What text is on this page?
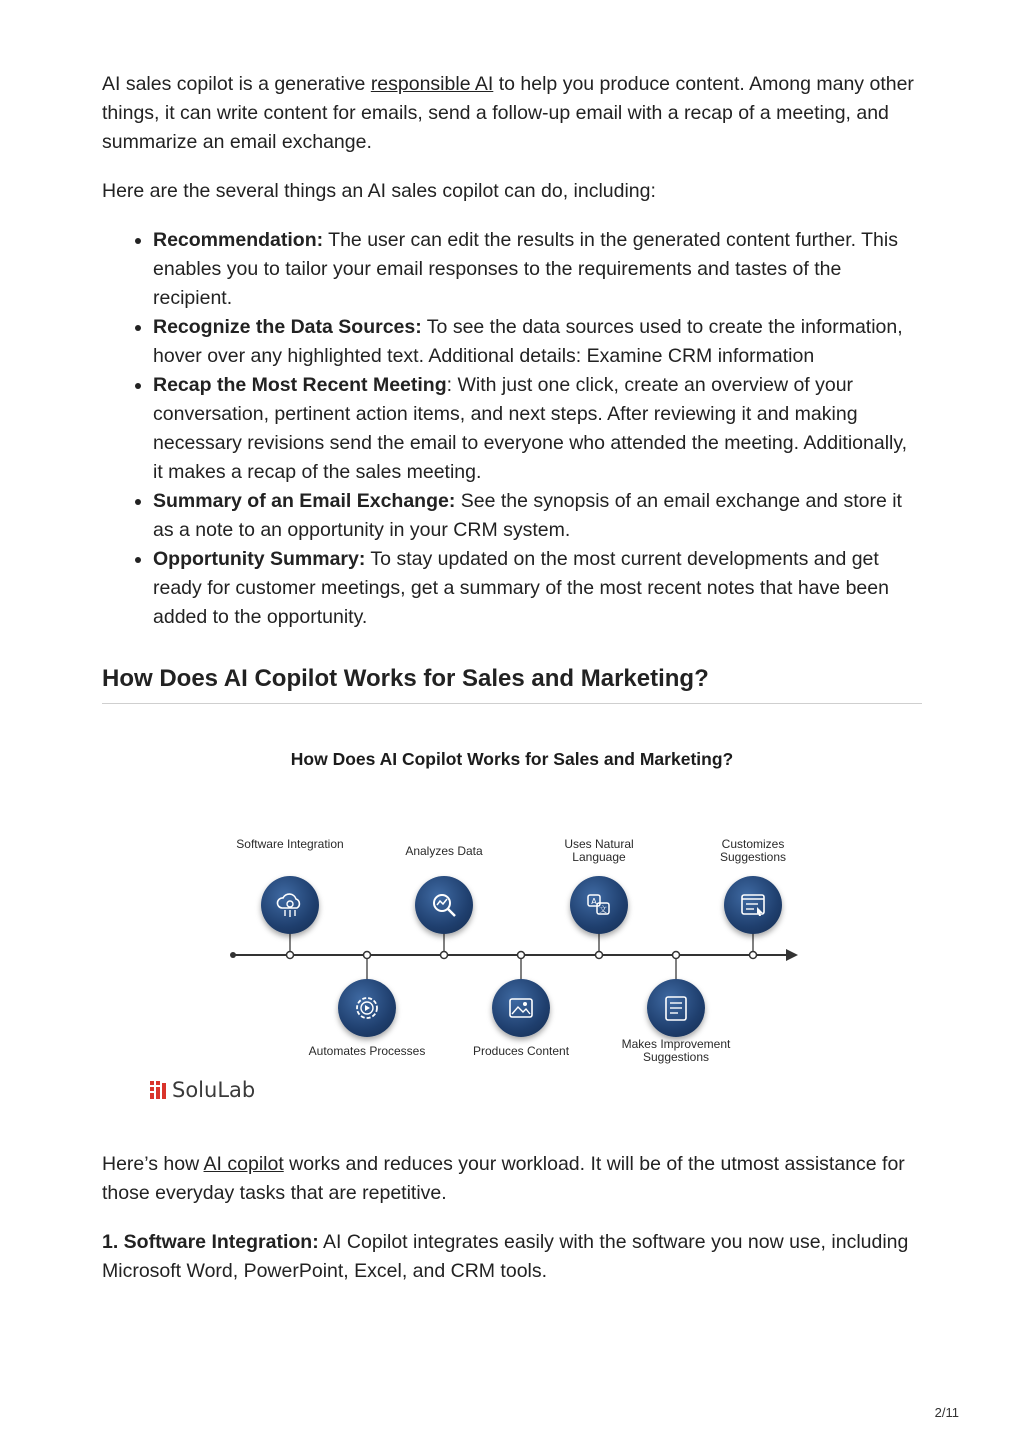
AI sales copilot is a generative responsible AI to help you produce content. Among many other things, it can write content for emails, send a follow-up email with a recap of a meeting, and summarize an email exchange.

Here are the several things an AI sales copilot can do, including:

• Recommendation: The user can edit the results in the generated content further. This enables you to tailor your email responses to the requirements and tastes of the recipient.
• Recognize the Data Sources: To see the data sources used to create the information, hover over any highlighted text. Additional details: Examine CRM information
• Recap the Most Recent Meeting: With just one click, create an overview of your conversation, pertinent action items, and next steps. After reviewing it and making necessary revisions send the email to everyone who attended the meeting. Additionally, it makes a recap of the sales meeting.
• Summary of an Email Exchange: See the synopsis of an email exchange and store it as a note to an opportunity in your CRM system.
• Opportunity Summary: To stay updated on the most current developments and get ready for customer meetings, get a summary of the most recent notes that have been added to the opportunity.
How Does AI Copilot Works for Sales and Marketing?
How Does AI Copilot Works for Sales and Marketing?
Software Integration	Analyzes Data	Uses Natural Language
A
文
Customizes Suggestions
Automates Processes	Produces Content	Makes Improvement Suggestions
SoluLab

Here’s how AI copilot works and reduces your workload. It will be of the utmost assistance for those everyday tasks that are repetitive.

1. Software Integration: AI Copilot integrates easily with the software you now use, including Microsoft Word, PowerPoint, Excel, and CRM tools.

2/11
